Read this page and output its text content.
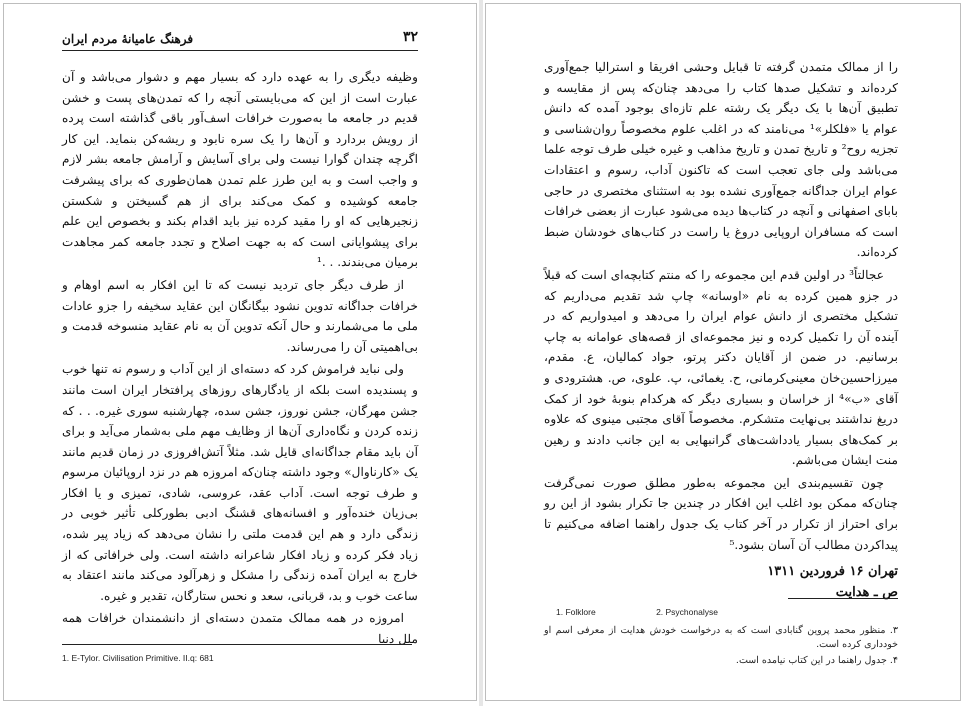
۳۲
فرهنگ عامیانهٔ مردم ایران

وظیفه دیگری را به عهده دارد که بسیار مهم و دشوار می‌باشد و آن عبارت است از این که می‌بایستی آنچه را که تمدن‌های پست و خشن قدیم در جامعه ما به‌صورت خرافات اسف‌آور باقی گذاشته است پرده از رویش بردارد و آن‌ها را یک سره نابود و ریشه‌کن بنماید. این کار اگرچه چندان گوارا نیست ولی برای آسایش و آرامش جامعه بشر لازم و واجب است و به این طرز علم تمدن همان‌طوری که برای پیشرفت جامعه کوشیده و کمک می‌کند برای از هم گسیختن و شکستن زنجیرهایی که او را مقید کرده نیز باید اقدام بکند و بخصوص این علم برای پیشوایانی است که به جهت اصلاح و تجدد جامعه کمر مجاهدت برمیان می‌بندند. . .¹

از طرف دیگر جای تردید نیست که تا این افکار به اسم اوهام و خرافات جداگانه تدوین نشود بیگانگان این عقاید سخیفه را جزو عادات ملی ما می‌شمارند و حال آنکه تدوین آن به نام عقاید منسوخه قدمت و بی‌اهمیتی آن را می‌رساند.

ولی نباید فراموش کرد که دسته‌ای از این آداب و رسوم نه تنها خوب و پسندیده است بلکه از یادگارهای روزهای پرافتخار ایران است مانند جشن مهرگان، جشن نوروز، جشن سده، چهارشنبه سوری غیره. . . که زنده کردن و نگاه‌داری آن‌ها از وظایف مهم ملی به‌شمار می‌آید و برای آن باید مقام جداگانه‌ای قایل شد. مثلاً آتش‌افروزی در زمان قدیم مانند یک «کارناوال» وجود داشته چنان‌که امروزه هم در نزد اروپائیان مرسوم و طرف توجه است. آداب عقد، عروسی، شادی، تمیزی و یا افکار بی‌زیان خنده‌آور و افسانه‌های قشنگ ادبی بطورکلی تأثیر خوبی در زندگی دارد و هم این قدمت ملتی را نشان می‌دهد که زیاد پیر شده، زیاد فکر کرده و زیاد افکار شاعرانه داشته است. ولی خرافاتی که از خارج به ایران آمده زندگی را مشکل و زهرآلود می‌کند مانند اعتقاد به ساعت خوب و بد، قربانی، سعد و نحس ستارگان، تقدیر و غیره.

امروزه در همه ممالک متمدن دسته‌ای از دانشمندان خرافات همه ملل دنیا

1. E-Tylor. Civilisation Primitive. II.q: 681

را از ممالک متمدن گرفته تا قبایل وحشی افریقا و استرالیا جمع‌آوری کرده‌اند و تشکیل صدها کتاب را می‌دهد چنان‌که پس از مقایسه و تطبیق آن‌ها با یک دیگر یک رشته علم تازه‌ای بوجود آمده که دانش عوام یا «فلکلر»¹ می‌نامند که در اغلب علوم مخصوصاً روان‌شناسی و تجزیه روح² و تاریخ تمدن و تاریخ مذاهب و غیره خیلی طرف توجه علما می‌باشد ولی جای تعجب است که تاکنون آداب، رسوم و اعتقادات عوام ایران جداگانه جمع‌آوری نشده بود به استثنای مختصری در حاجی بابای اصفهانی و آنچه در کتاب‌ها دیده می‌شود عبارت از بعضی خرافات است که مسافران اروپایی دروغ یا راست در کتاب‌های خودشان ضبط کرده‌اند.

عجالتاً³ در اولین قدم این مجموعه را که منتم کتابچه‌ای است که قبلاً در جزو همین کرده به نام «اوسانه» چاپ شد تقدیم می‌داریم که تشکیل مختصری از دانش عوام ایران را می‌دهد و امیدواریم که در آینده آن را تکمیل کرده و نیز مجموعه‌ای از قصه‌های عوامانه به چاپ برسانیم. در ضمن از آقایان دکتر پرتو، جواد کمالیان، ع. مقدم، میرزاحسین‌خان معینی‌کرمانی، ح. یغمائی، پ. علوی، ص. هشترودی و آقای «ب»⁴ از خراسان و بسیاری دیگر که هرکدام بنوبهٔ خود از کمک دریغ نداشتند بی‌نهایت متشکرم. مخصوصاً آقای مجتبی مینوی که علاوه بر کمک‌های بسیار یادداشت‌های گرانبهایی به این جانب دادند و رهین منت ایشان می‌باشم.

چون تقسیم‌بندی این مجموعه به‌طور مطلق صورت نمی‌گرفت چنان‌که ممکن بود اغلب این افکار در چندین جا تکرار بشود از این رو برای احتراز از تکرار در آخر کتاب یک جدول راهنما اضافه می‌کنیم تا پیداکردن مطالب آن آسان بشود.⁵

تهران ۱۶ فروردین ۱۳۱۱
ص ـ هدایت
1. Folklore	2. Psychonalyse
۳. منظور محمد پروین گنابادی است که به درخواست خودش هدایت از معرفی اسم او خودداری کرده است.
۴. جدول راهنما در این کتاب نیامده است.
